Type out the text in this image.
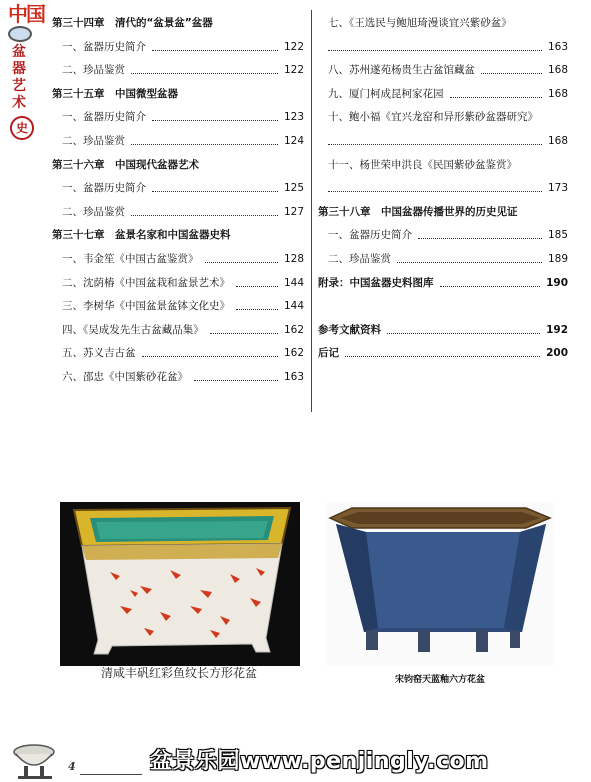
中国
盆器艺术
史
第三十四章　清代的“盆景盆”盆器
一、盆器历史简介	122
二、珍品鉴赏	122
第三十五章　中国微型盆器
一、盆器历史简介	123
二、珍品鉴赏	124
第三十六章　中国现代盆器艺术
一、盆器历史简介	125
二、珍品鉴赏	127
第三十七章　盆景名家和中国盆器史料
一、韦金笙《中国古盆鉴赏》	128
二、沈荫椿《中国盆栽和盆景艺术》	144
三、李树华《中国盆景盆钵文化史》	144
四、《吴成发先生古盆藏品集》	162
五、苏义吉古盆	162
六、邵忠《中国紫砂花盆》	163
七、《王选民与鲍旭琦漫谈宜兴紫砂盆》
163
八、苏州遂苑杨贵生古盆馆藏盆	168
九、厦门柯成昆柯家花园	168
十、鲍小福《宜兴龙窑和异形紫砂盆器研究》
168
十一、杨世荣申洪良《民国紫砂盆鉴赏》
173
第三十八章　中国盆器传播世界的历史见证
一、盆器历史简介	185
二、珍品鉴赏	189
附录：中国盆器史料图库	190
参考文献资料	192
后记	200
清咸丰矾红彩鱼纹长方形花盆	宋钧窑天蓝釉六方花盆
4	盆景乐园www.penjingly.com
